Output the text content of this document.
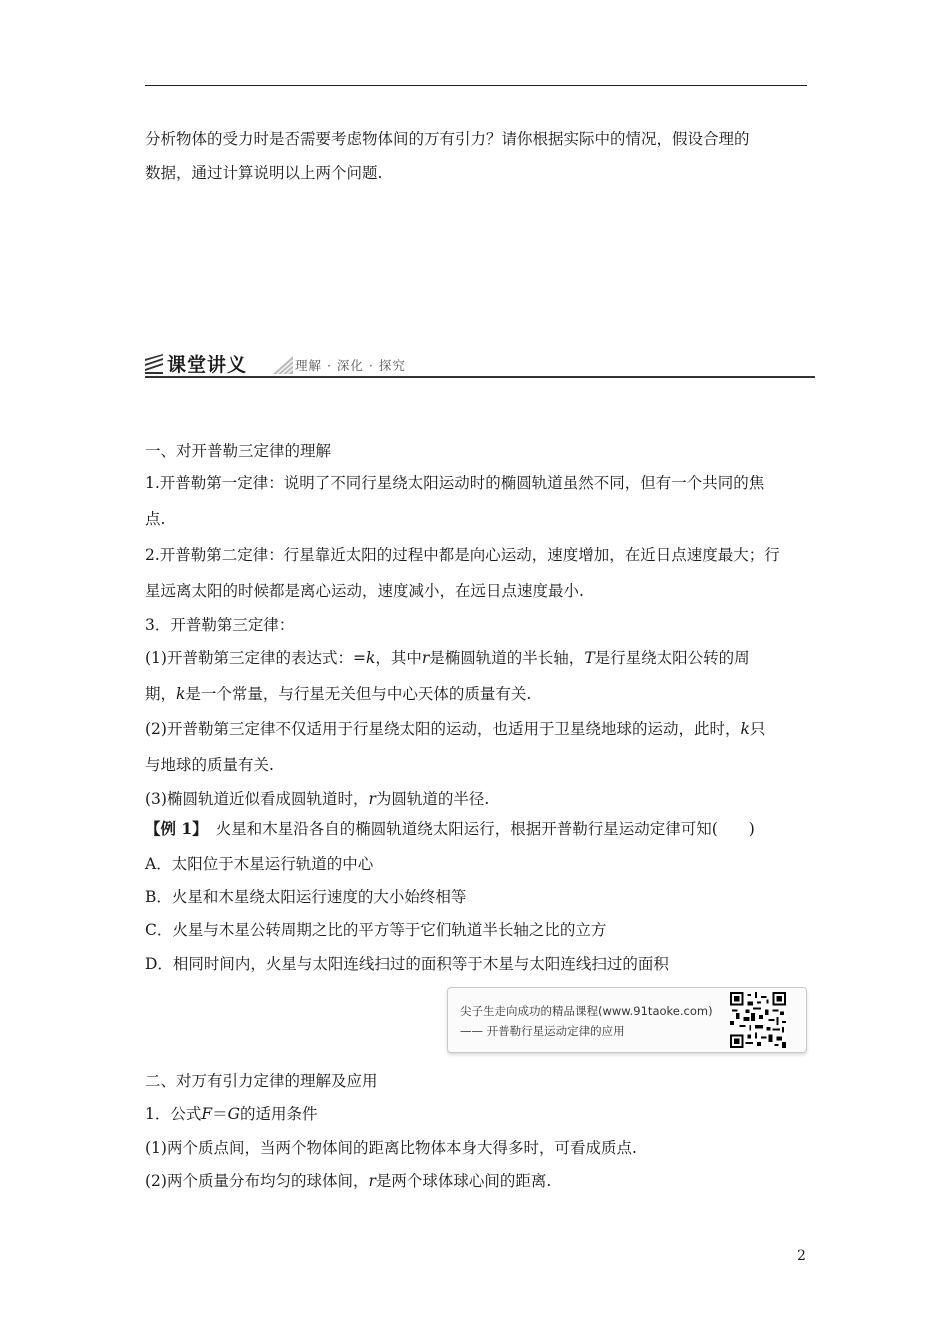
分析物体的受力时是否需要考虑物体间的万有引力？请你根据实际中的情况，假设合理的
数据，通过计算说明以上两个问题.
课堂讲义	理解 · 深化 · 探究
一、对开普勒三定律的理解
1.开普勒第一定律：说明了不同行星绕太阳运动时的椭圆轨道虽然不同，但有一个共同的焦
点.
2.开普勒第二定律：行星靠近太阳的过程中都是向心运动，速度增加，在近日点速度最大；行
星远离太阳的时候都是离心运动，速度减小，在远日点速度最小.
3．开普勒第三定律：
(1)开普勒第三定律的表达式：=k，其中r是椭圆轨道的半长轴，T是行星绕太阳公转的周
期，k是一个常量，与行星无关但与中心天体的质量有关.
(2)开普勒第三定律不仅适用于行星绕太阳的运动，也适用于卫星绕地球的运动，此时，k只
与地球的质量有关.
(3)椭圆轨道近似看成圆轨道时，r为圆轨道的半径.
【例 1】 火星和木星沿各自的椭圆轨道绕太阳运行，根据开普勒行星运动定律可知(　　)
A．太阳位于木星运行轨道的中心
B．火星和木星绕太阳运行速度的大小始终相等
C．火星与木星公转周期之比的平方等于它们轨道半长轴之比的立方
D．相同时间内，火星与太阳连线扫过的面积等于木星与太阳连线扫过的面积
尖子生走向成功的精品课程(www.91taoke.com)
—— 开普勒行星运动定律的应用
二、对万有引力定律的理解及应用
1．公式F＝G的适用条件
(1)两个质点间，当两个物体间的距离比物体本身大得多时，可看成质点.
(2)两个质量分布均匀的球体间，r是两个球体球心间的距离.
2
